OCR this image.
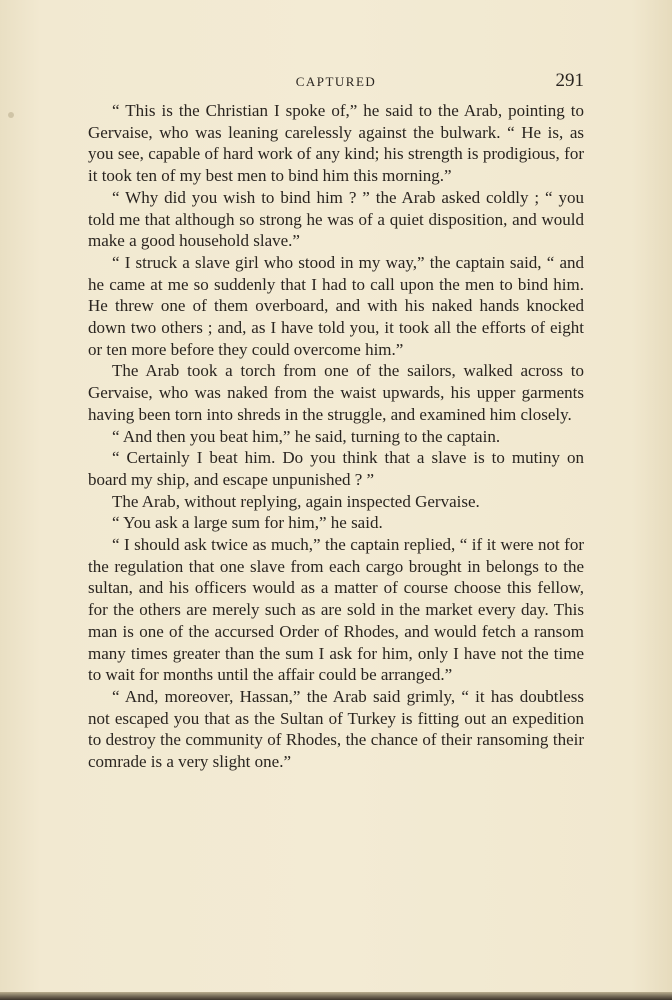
CAPTURED	291

“ This is the Christian I spoke of,” he said to the Arab, pointing to Gervaise, who was leaning carelessly against the bulwark. “ He is, as you see, capable of hard work of any kind; his strength is prodigious, for it took ten of my best men to bind him this morning.”

“ Why did you wish to bind him ? ” the Arab asked coldly ; “ you told me that although so strong he was of a quiet disposition, and would make a good household slave.”

“ I struck a slave girl who stood in my way,” the captain said, “ and he came at me so suddenly that I had to call upon the men to bind him. He threw one of them overboard, and with his naked hands knocked down two others ; and, as I have told you, it took all the efforts of eight or ten more before they could overcome him.”

The Arab took a torch from one of the sailors, walked across to Gervaise, who was naked from the waist upwards, his upper garments having been torn into shreds in the struggle, and examined him closely.

“ And then you beat him,” he said, turning to the captain.

“ Certainly I beat him. Do you think that a slave is to mutiny on board my ship, and escape unpunished ? ”

The Arab, without replying, again inspected Gervaise.

“ You ask a large sum for him,” he said.

“ I should ask twice as much,” the captain replied, “ if it were not for the regulation that one slave from each cargo brought in belongs to the sultan, and his officers would as a matter of course choose this fellow, for the others are merely such as are sold in the market every day. This man is one of the accursed Order of Rhodes, and would fetch a ransom many times greater than the sum I ask for him, only I have not the time to wait for months until the affair could be arranged.”

“ And, moreover, Hassan,” the Arab said grimly, “ it has doubtless not escaped you that as the Sultan of Turkey is fitting out an expedition to destroy the community of Rhodes, the chance of their ransoming their comrade is a very slight one.”
